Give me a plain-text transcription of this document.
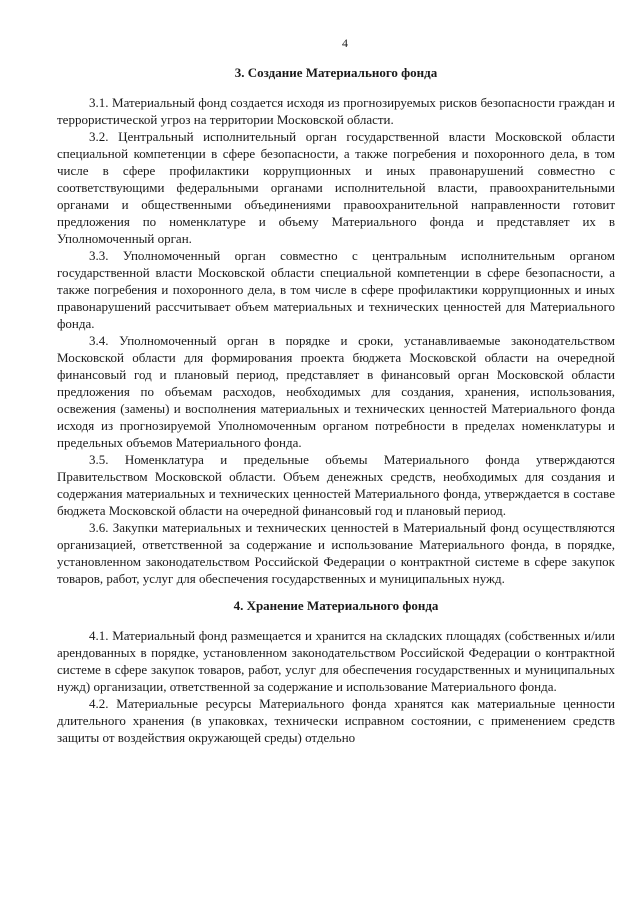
4
3. Создание Материального фонда

3.1. Материальный фонд создается исходя из прогнозируемых рисков безопасности граждан и террористической угроз на территории Московской области.

3.2. Центральный исполнительный орган государственной власти Московской области специальной компетенции в сфере безопасности, а также погребения и похоронного дела, в том числе в сфере профилактики коррупционных и иных правонарушений совместно с соответствующими федеральными органами исполнительной власти, правоохранительными органами и общественными объединениями правоохранительной направленности готовит предложения по номенклатуре и объему Материального фонда и представляет их в Уполномоченный орган.

3.3. Уполномоченный орган совместно с центральным исполнительным органом государственной власти Московской области специальной компетенции в сфере безопасности, а также погребения и похоронного дела, в том числе в сфере профилактики коррупционных и иных правонарушений рассчитывает объем материальных и технических ценностей для Материального фонда.

3.4. Уполномоченный орган в порядке и сроки, устанавливаемые законодательством Московской области для формирования проекта бюджета Московской области на очередной финансовый год и плановый период, представляет в финансовый орган Московской области предложения по объемам расходов, необходимых для создания, хранения, использования, освежения (замены) и восполнения материальных и технических ценностей Материального фонда исходя из прогнозируемой Уполномоченным органом потребности в пределах номенклатуры и предельных объемов Материального фонда.

3.5. Номенклатура и предельные объемы Материального фонда утверждаются Правительством Московской области. Объем денежных средств, необходимых для создания и содержания материальных и технических ценностей Материального фонда, утверждается в составе бюджета Московской области на очередной финансовый год и плановый период.

3.6. Закупки материальных и технических ценностей в Материальный фонд осуществляются организацией, ответственной за содержание и использование Материального фонда, в порядке, установленном законодательством Российской Федерации о контрактной системе в сфере закупок товаров, работ, услуг для обеспечения государственных и муниципальных нужд.

4. Хранение Материального фонда

4.1. Материальный фонд размещается и хранится на складских площадях (собственных и/или арендованных в порядке, установленном законодательством Российской Федерации о контрактной системе в сфере закупок товаров, работ, услуг для обеспечения государственных и муниципальных нужд) организации, ответственной за содержание и использование Материального фонда.

4.2. Материальные ресурсы Материального фонда хранятся как материальные ценности длительного хранения (в упаковках, технически исправном состоянии, с применением средств защиты от воздействия окружающей среды) отдельно
